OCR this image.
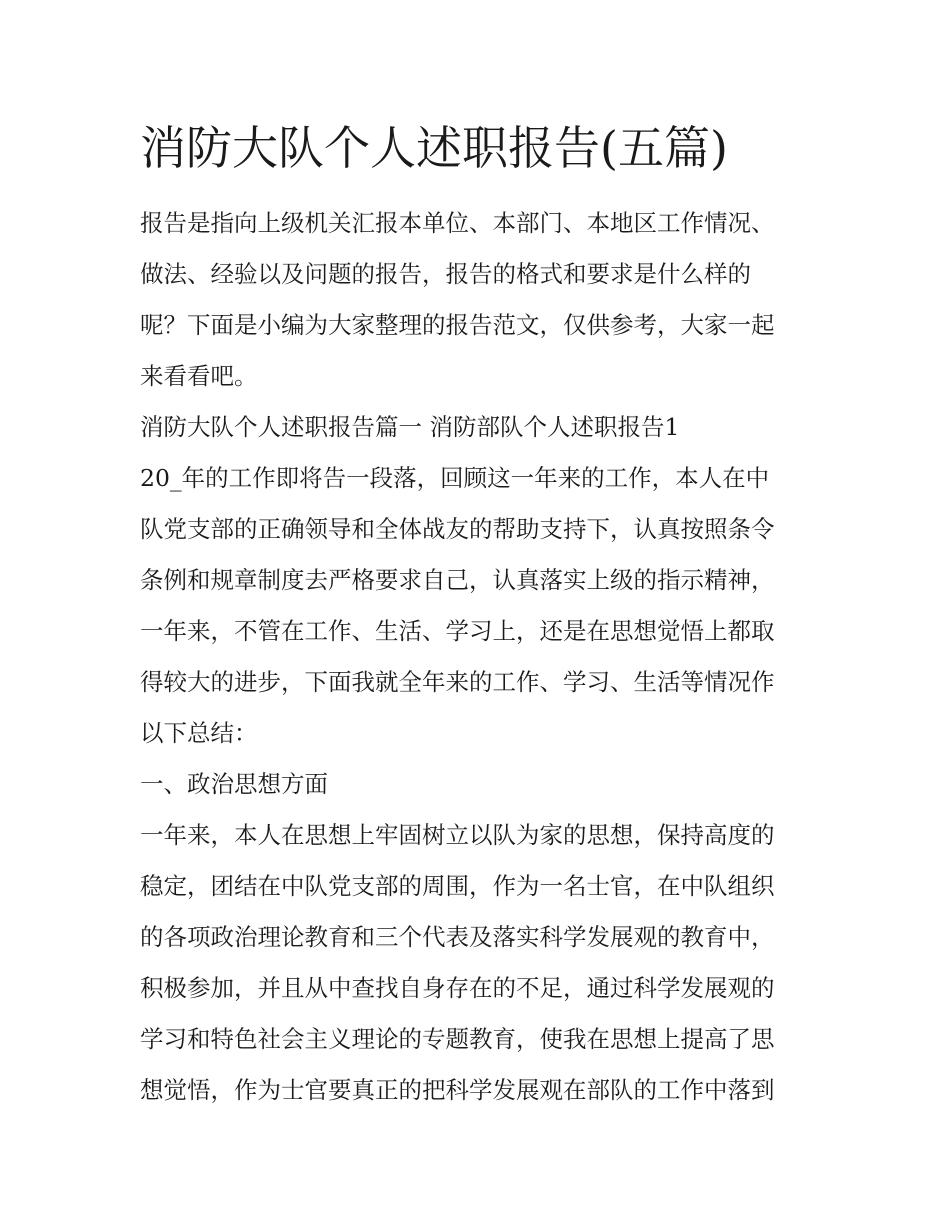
消防大队个人述职报告(五篇)
报告是指向上级机关汇报本单位、本部门、本地区工作情况、
做法、经验以及问题的报告，报告的格式和要求是什么样的
呢？下面是小编为大家整理的报告范文，仅供参考，大家一起
来看看吧。
消防大队个人述职报告篇一 消防部队个人述职报告1
20_年的工作即将告一段落，回顾这一年来的工作，本人在中
队党支部的正确领导和全体战友的帮助支持下，认真按照条令
条例和规章制度去严格要求自己，认真落实上级的指示精神，
一年来，不管在工作、生活、学习上，还是在思想觉悟上都取
得较大的进步，下面我就全年来的工作、学习、生活等情况作
以下总结：
一、政治思想方面
一年来，本人在思想上牢固树立以队为家的思想，保持高度的
稳定，团结在中队党支部的周围，作为一名士官，在中队组织
的各项政治理论教育和三个代表及落实科学发展观的教育中，
积极参加，并且从中查找自身存在的不足，通过科学发展观的
学习和特色社会主义理论的专题教育，使我在思想上提高了思
想觉悟，作为士官要真正的把科学发展观在部队的工作中落到
